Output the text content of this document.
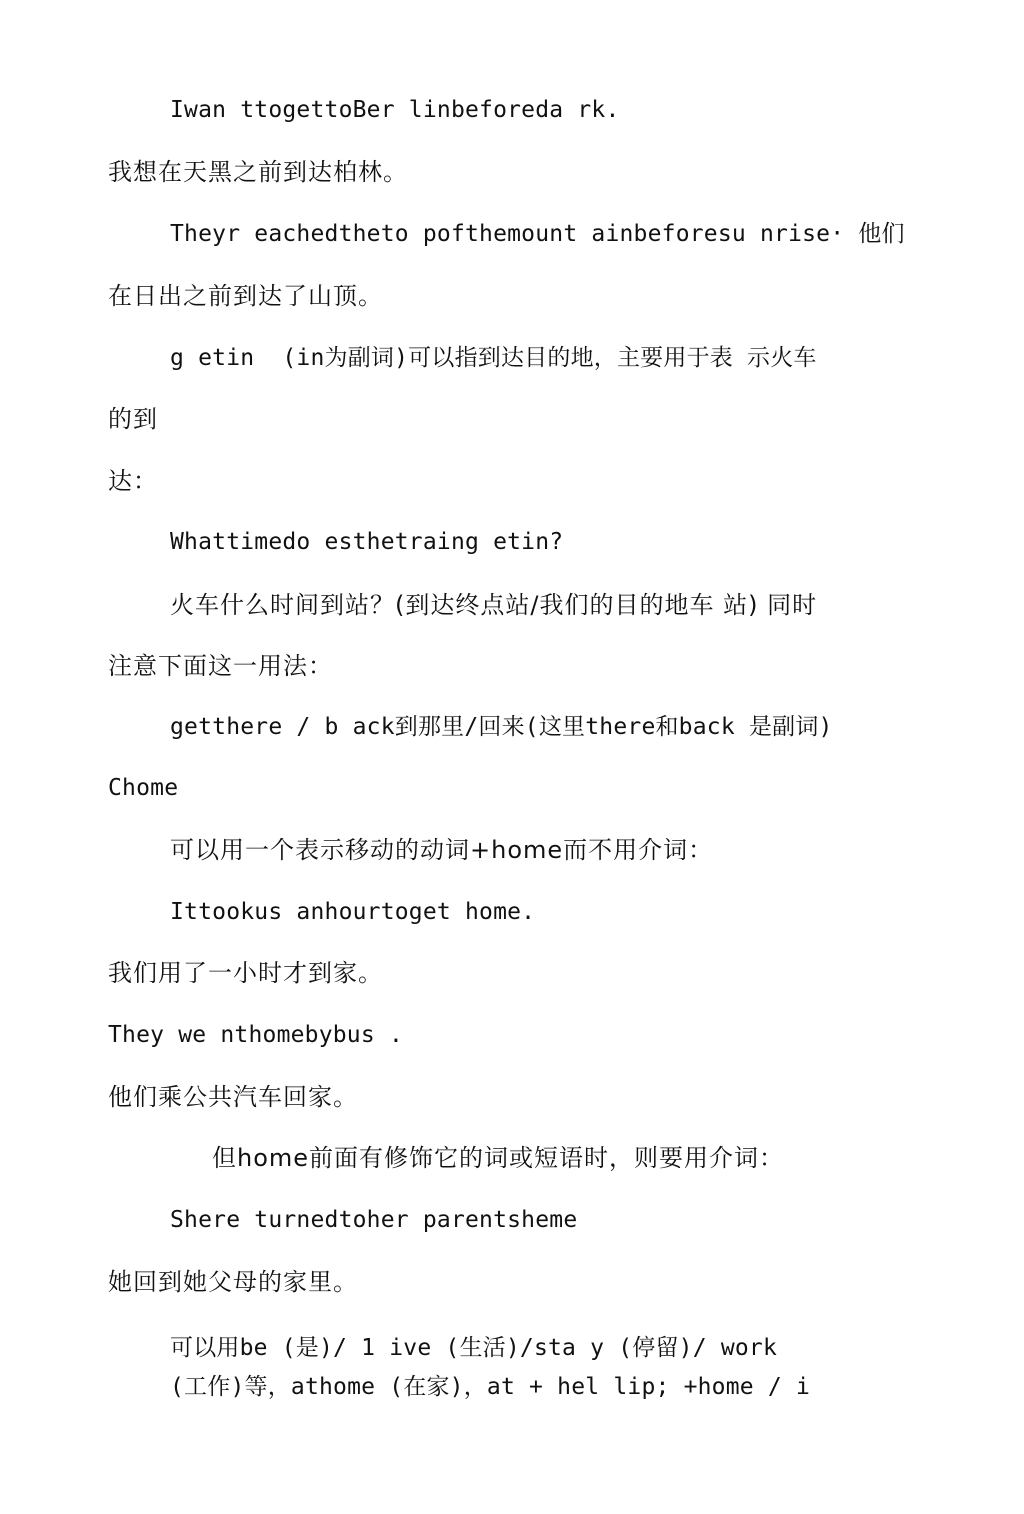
Iwan ttogettoBer linbeforeda rk.
我想在天黑之前到达柏林。
Theyr eachedtheto pofthemount ainbeforesu nrise· 他们
在日出之前到达了山顶。
g etin  (in为副词)可以指到达目的地，主要用于表 示火车
的到
达：
Whattimedo esthetraing etin?
火车什么时间到站？(到达终点站/我们的目的地车 站) 同时
注意下面这一用法：
getthere / b ack到那里/回来(这里there和back 是副词)
Chome
可以用一个表示移动的动词+home而不用介词：
Ittookus anhourtoget home.
我们用了一小时才到家。
They we nthomebybus .
他们乘公共汽车回家。
但home前面有修饰它的词或短语时，则要用介词：
Shere turnedtoher parentsheme
她回到她父母的家里。
可以用be (是)/ 1 ive (生活)/sta y (停留)/ work
(工作)等，athome (在家)，at + hel lip; +home / i
